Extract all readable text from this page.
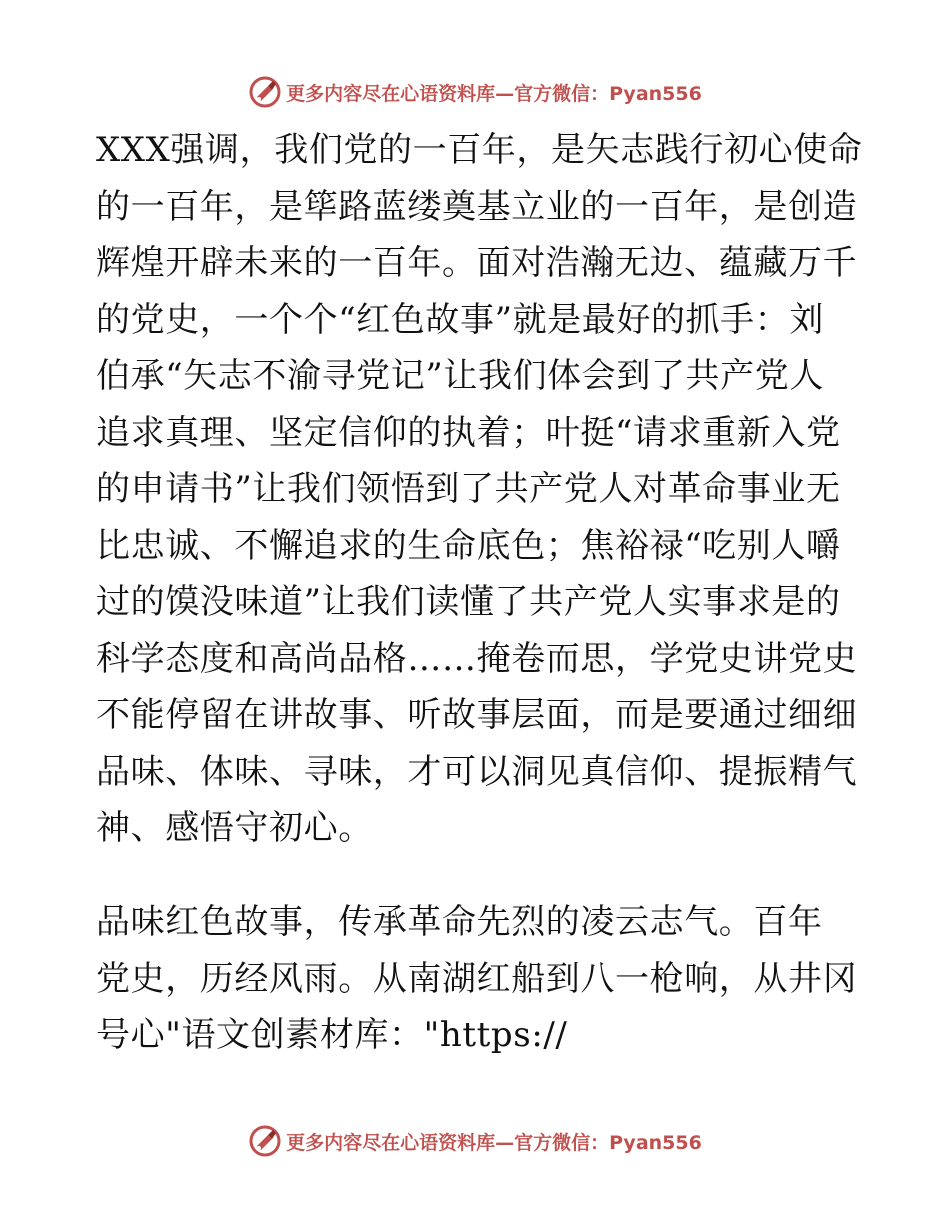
更多内容尽在心语资料库—官方微信：Pyan556
XXX强调，我们党的一百年，是矢志践行初心使命
的一百年，是筚路蓝缕奠基立业的一百年，是创造
辉煌开辟未来的一百年。面对浩瀚无边、蕴藏万千
的党史，一个个“红色故事”就是最好的抓手：刘
伯承“矢志不渝寻党记”让我们体会到了共产党人
追求真理、坚定信仰的执着；叶挺“请求重新入党
的申请书”让我们领悟到了共产党人对革命事业无
比忠诚、不懈追求的生命底色；焦裕禄“吃别人嚼
过的馍没味道”让我们读懂了共产党人实事求是的
科学态度和高尚品格……掩卷而思，学党史讲党史
不能停留在讲故事、听故事层面，而是要通过细细
品味、体味、寻味，才可以洞见真信仰、提振精气
神、感悟守初心。
品味红色故事，传承革命先烈的凌云志气。百年
党史，历经风雨。从南湖红船到八一枪响，从井冈
号心"语文创素材库："https://
更多内容尽在心语资料库—官方微信：Pyan556
